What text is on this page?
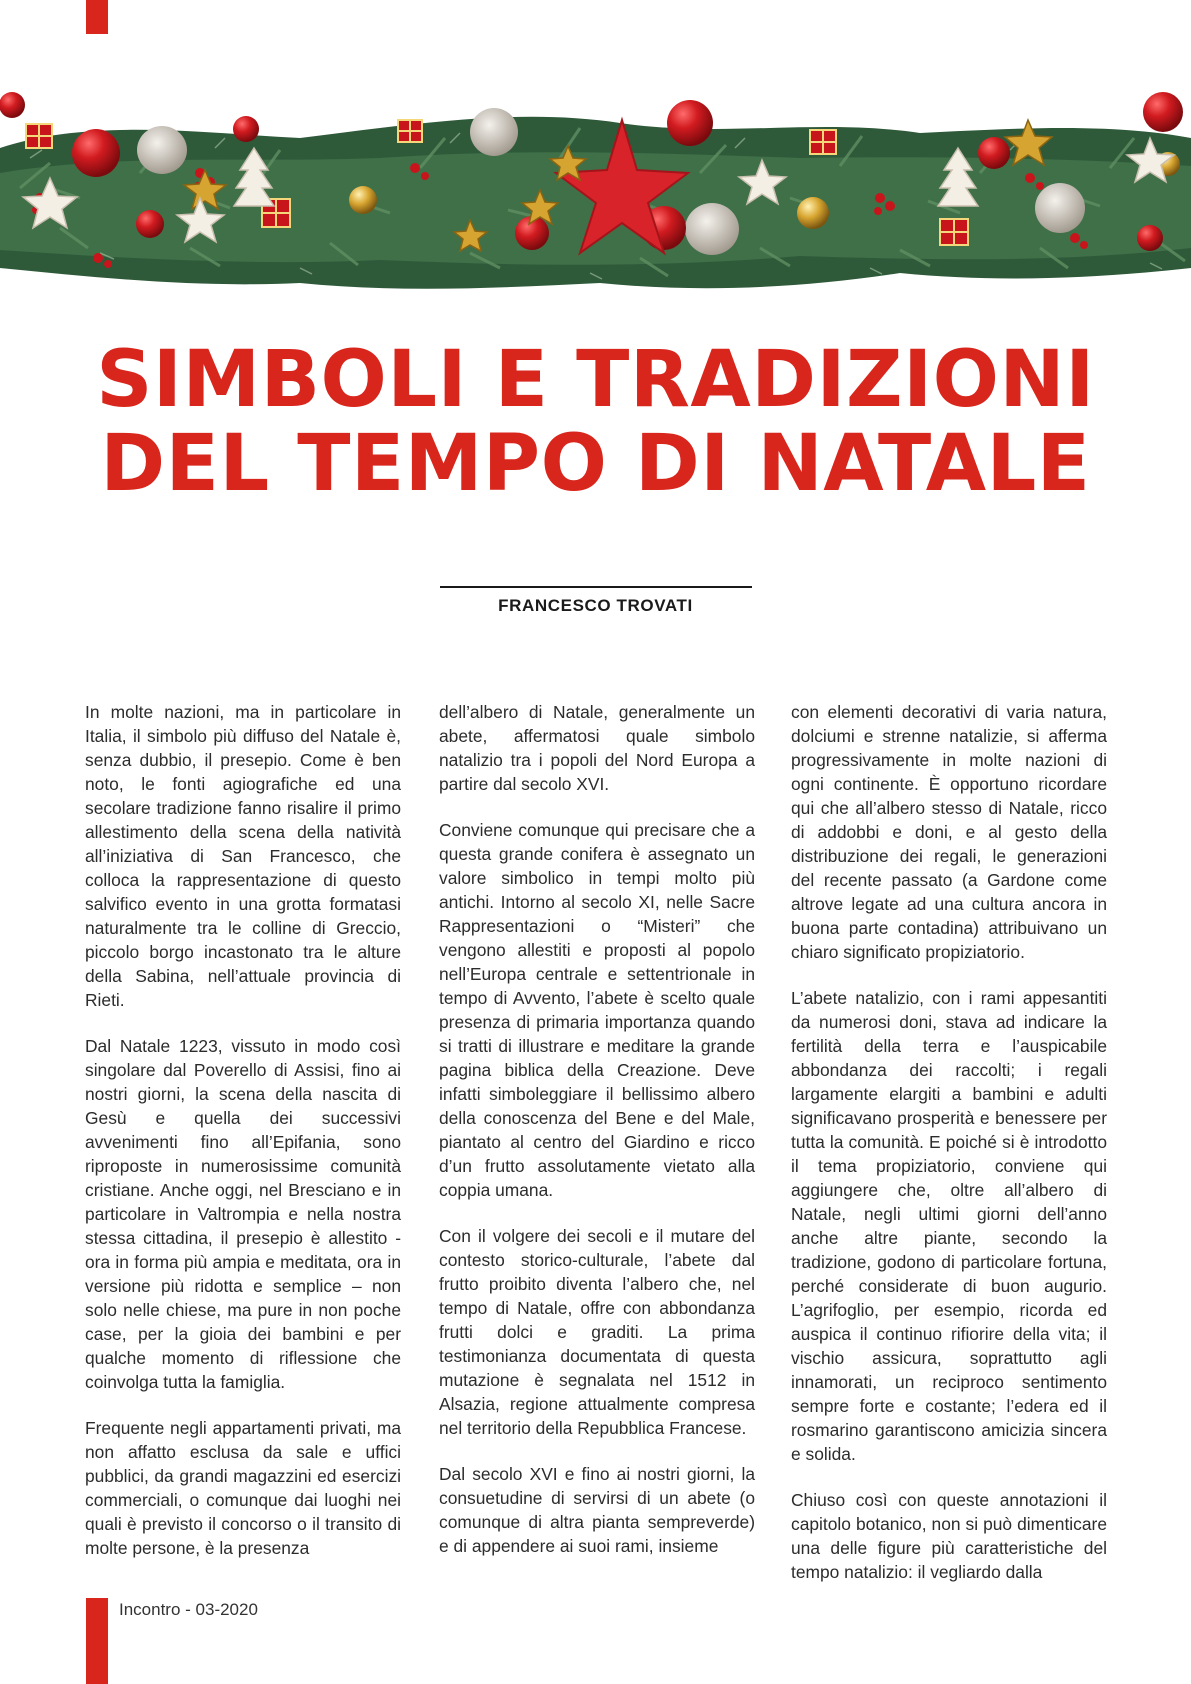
SIMBOLI E TRADIZIONI
DEL TEMPO DI NATALE
FRANCESCO TROVATI

In molte nazioni, ma in particolare in Italia, il simbolo più diffuso del Natale è, senza dubbio, il presepio. Come è ben noto, le fonti agiografiche ed una secolare tradizione fanno risalire il primo allestimento della scena della natività all’iniziativa di San Francesco, che colloca la rappresentazione di questo salvifico evento in una grotta formatasi naturalmente tra le colline di Greccio, piccolo borgo incastonato tra le alture della Sabina, nell’attuale provincia di Rieti.

Dal Natale 1223, vissuto in modo così singolare dal Poverello di Assisi, fino ai nostri giorni, la scena della nascita di Gesù e quella dei successivi avvenimenti fino all’Epifania, sono riproposte in numerosissime comunità cristiane. Anche oggi, nel Bresciano e in particolare in Valtrompia e nella nostra stessa cittadina, il presepio è allestito - ora in forma più ampia e meditata, ora in versione più ridotta e semplice – non solo nelle chiese, ma pure in non poche case, per la gioia dei bambini e per qualche momento di riflessione che coinvolga tutta la famiglia.

Frequente negli appartamenti privati, ma non affatto esclusa da sale e uffici pubblici, da grandi magazzini ed esercizi commerciali, o comunque dai luoghi nei quali è previsto il concorso o il transito di molte persone, è la presenza

dell’albero di Natale, generalmente un abete, affermatosi quale simbolo natalizio tra i popoli del Nord Europa a partire dal secolo XVI.

Conviene comunque qui precisare che a questa grande conifera è assegnato un valore simbolico in tempi molto più antichi. Intorno al secolo XI, nelle Sacre Rappresentazioni o “Misteri” che vengono allestiti e proposti al popolo nell’Europa centrale e settentrionale in tempo di Avvento, l’abete è scelto quale presenza di primaria importanza quando si tratti di illustrare e meditare la grande pagina biblica della Creazione. Deve infatti simboleggiare il bellissimo albero della conoscenza del Bene e del Male, piantato al centro del Giardino e ricco d’un frutto assolutamente vietato alla coppia umana.

Con il volgere dei secoli e il mutare del contesto storico-culturale, l’abete dal frutto proibito diventa l’albero che, nel tempo di Natale, offre con abbondanza frutti dolci e graditi. La prima testimonianza documentata di questa mutazione è segnalata nel 1512 in Alsazia, regione attualmente compresa nel territorio della Repubblica Francese.

Dal secolo XVI e fino ai nostri giorni, la consuetudine di servirsi di un abete (o comunque di altra pianta sempreverde) e di appendere ai suoi rami, insieme

con elementi decorativi di varia natura, dolciumi e strenne natalizie, si afferma progressivamente in molte nazioni di ogni continente. È opportuno ricordare qui che all’albero stesso di Natale, ricco di addobbi e doni, e al gesto della distribuzione dei regali, le generazioni del recente passato (a Gardone come altrove legate ad una cultura ancora in buona parte contadina) attribuivano un chiaro significato propiziatorio.

L’abete natalizio, con i rami appesantiti da numerosi doni, stava ad indicare la fertilità della terra e l’auspicabile abbondanza dei raccolti; i regali largamente elargiti a bambini e adulti significavano prosperità e benessere per tutta la comunità. E poiché si è introdotto il tema propiziatorio, conviene qui aggiungere che, oltre all’albero di Natale, negli ultimi giorni dell’anno anche altre piante, secondo la tradizione, godono di particolare fortuna, perché considerate di buon augurio. L’agrifoglio, per esempio, ricorda ed auspica il continuo rifiorire della vita; il vischio assicura, soprattutto agli innamorati, un reciproco sentimento sempre forte e costante; l’edera ed il rosmarino garantiscono amicizia sincera e solida.

Chiuso così con queste annotazioni il capitolo botanico, non si può dimenticare una delle figure più caratteristiche del tempo natalizio: il vegliardo dalla

Incontro - 03-2020
